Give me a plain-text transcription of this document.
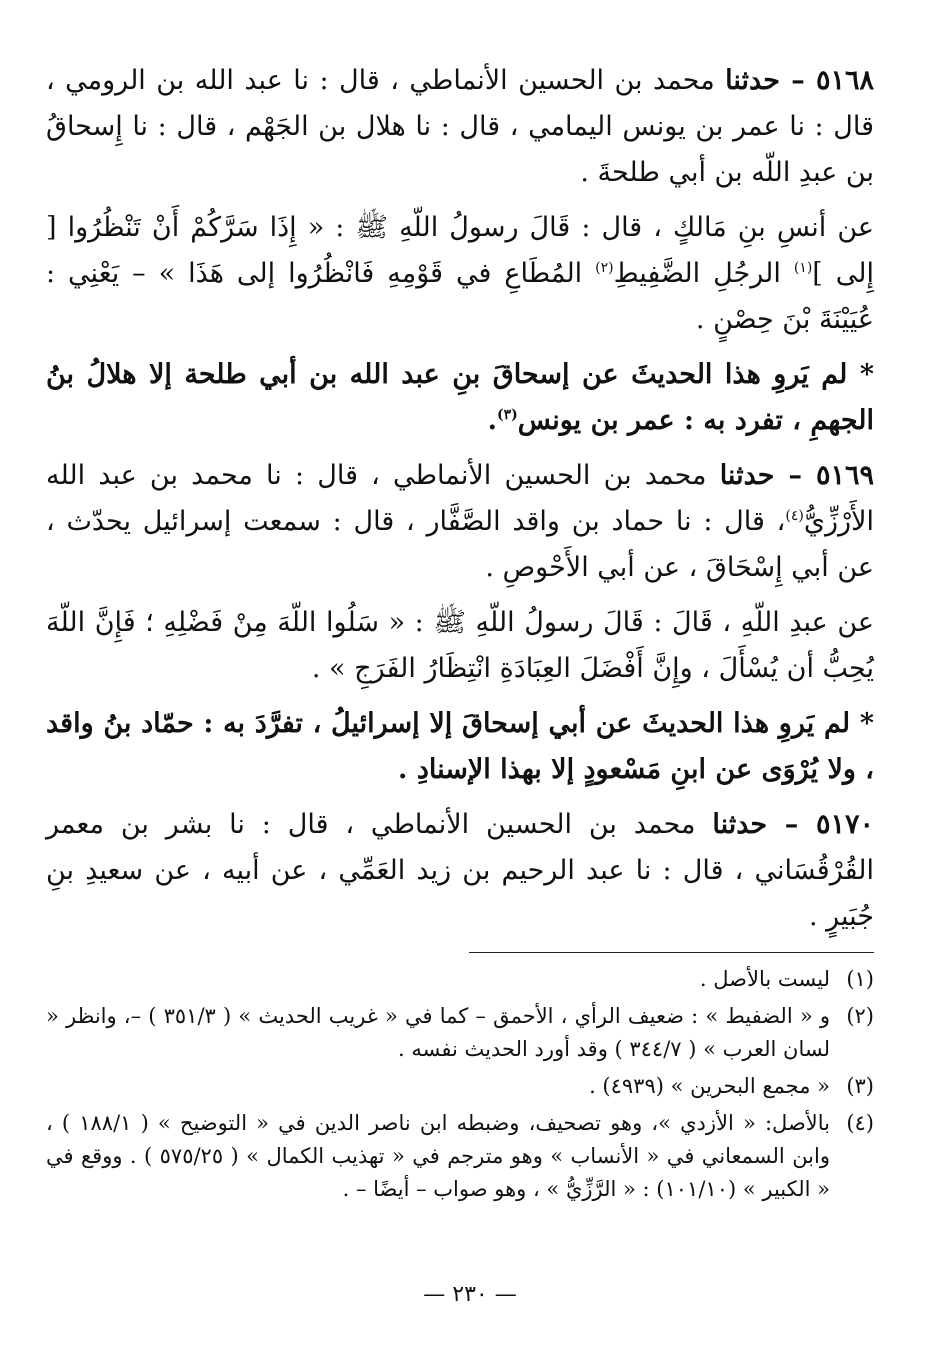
٥١٦٨ – حدثنا محمد بن الحسين الأنماطي ، قال : نا عبد الله بن الرومي ، قال : نا عمر بن يونس اليمامي ، قال : نا هلال بن الجَهْم ، قال : نا إِسحاقُ بن عبدِ اللّه بن أبي طلحةَ .

عن أنسِ بنِ مَالكٍ ، قال : قَالَ رسولُ اللّهِ ﷺ : « إِذَا سَرَّكُمْ أَنْ تَنْظُرُوا [ إِلى ]$^{(١)}$ الرجُلِ الضَّفِيطِ$^{(٢)}$ المُطَاعِ في قَوْمِهِ فَانْظُرُوا إلى هَذَا » – يَعْنِي : عُيَيْنَةَ بْنَ حِصْنٍ .

* لم يَروِ هذا الحديثَ عن إسحاقَ بنِ عبد الله بن أبي طلحة إلا هلالُ بنُ الجهمِ ، تفرد به : عمر بن يونس$^{(٣)}$.

٥١٦٩ – حدثنا محمد بن الحسين الأنماطي ، قال : نا محمد بن عبد الله الأَرْزِّيُّ$^{(٤)}$، قال : نا حماد بن واقد الصَّفَّار ، قال : سمعت إسرائيل يحدّث ، عن أبي إِسْحَاقَ ، عن أبي الأَحْوصِ .

عن عبدِ اللّهِ ، قَالَ : قَالَ رسولُ اللّهِ ﷺ : « سَلُوا اللّهَ مِنْ فَضْلِهِ ؛ فَإِنَّ اللّهَ يُحِبُّ أن يُسْأَلَ ، وإِنَّ أَفْضَلَ العِبَادَةِ انْتِظَارُ الفَرَجِ » .

* لم يَروِ هذا الحديثَ عن أبي إسحاقَ إلا إسرائيلُ ، تفرَّدَ به : حمّاد بنُ واقد ، ولا يُرْوَى عن ابنِ مَسْعودٍ إلا بهذا الإسنادِ .

٥١٧٠ – حدثنا محمد بن الحسين الأنماطي ، قال : نا بشر بن معمر القُرْقُسَاني ، قال : نا عبد الرحيم بن زيد العَمِّي ، عن أبيه ، عن سعيدِ بنِ جُبَيرٍ .

(١)
ليست بالأصل .
(٢)
و « الضفيط » : ضعيف الرأي ، الأحمق – كما في « غريب الحديث » ( ٣٥١/٣ ) –، وانظر « لسان العرب » ( ٣٤٤/٧ ) وقد أورد الحديث نفسه .
(٣)
« مجمع البحرين » (٤٩٣٩) .
(٤)
بالأصل: « الأزدي »، وهو تصحيف، وضبطه ابن ناصر الدين في « التوضيح » ( ١٨٨/١ ) ، وابن السمعاني في « الأنساب » وهو مترجم في « تهذيب الكمال » ( ٥٧٥/٢٥ ) . ووقع في « الكبير » (١٠١/١٠) : « الرَّزِّيُّ » ، وهو صواب – أيضًا – .
— ٢٣٠ —
